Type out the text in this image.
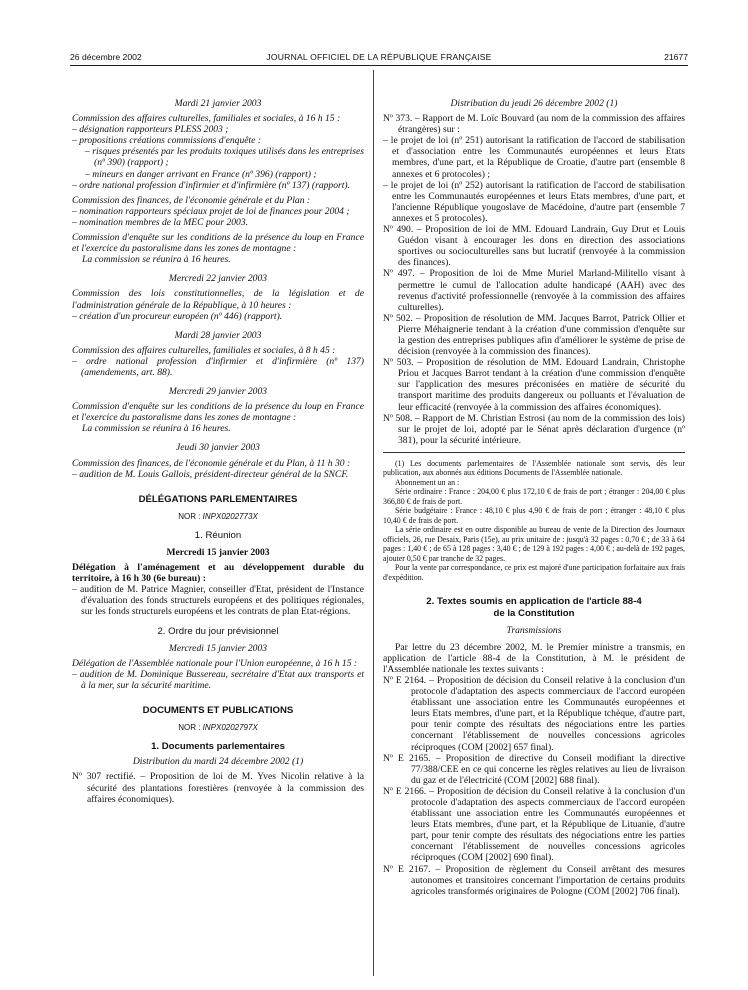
26 décembre 2002	JOURNAL OFFICIEL DE LA RÉPUBLIQUE FRANÇAISE	21677

Mardi 21 janvier 2003

Commission des affaires culturelles, familiales et sociales, à 16 h 15 :

– désignation rapporteurs PLESS 2003 ;

– propositions créations commissions d'enquête :

– risques présentés par les produits toxiques utilisés dans les entreprises (nº 390) (rapport) ;

– mineurs en danger arrivant en France (nº 396) (rapport) ;

– ordre national profession d'infirmier et d'infirmière (nº 137) (rapport).

Commission des finances, de l'économie générale et du Plan :

– nomination rapporteurs spéciaux projet de loi de finances pour 2004 ;

– nomination membres de la MEC pour 2003.

Commission d'enquête sur les conditions de la présence du loup en France et l'exercice du pastoralisme dans les zones de montagne :

La commission se réunira à 16 heures.

Mercredi 22 janvier 2003

Commission des lois constitutionnelles, de la législation et de l'administration générale de la République, à 10 heures :

– création d'un procureur européen (nº 446) (rapport).

Mardi 28 janvier 2003

Commission des affaires culturelles, familiales et sociales, à 8 h 45 :

– ordre national profession d'infirmier et d'infirmière (nº 137) (amendements, art. 88).

Mercredi 29 janvier 2003

Commission d'enquête sur les conditions de la présence du loup en France et l'exercice du pastoralisme dans les zones de montagne :

La commission se réunira à 16 heures.

Jeudi 30 janvier 2003

Commission des finances, de l'économie générale et du Plan, à 11 h 30 :

– audition de M. Louis Gallois, président-directeur général de la SNCF.

DÉLÉGATIONS PARLEMENTAIRES

NOR : INPX0202773X

1. Réunion

Mercredi 15 janvier 2003

Délégation à l'aménagement et au développement durable du territoire, à 16 h 30 (6e bureau) :

– audition de M. Patrice Magnier, conseiller d'Etat, président de l'Instance d'évaluation des fonds structurels européens et des politiques régionales, sur les fonds structurels européens et les contrats de plan Etat-régions.

2. Ordre du jour prévisionnel

Mercredi 15 janvier 2003

Délégation de l'Assemblée nationale pour l'Union européenne, à 16 h 15 :

– audition de M. Dominique Bussereau, secrétaire d'Etat aux transports et à la mer, sur la sécurité maritime.

DOCUMENTS ET PUBLICATIONS

NOR : INPX0202797X

1. Documents parlementaires

Distribution du mardi 24 décembre 2002 (1)

Nº 307 rectifié. – Proposition de loi de M. Yves Nicolin relative à la sécurité des plantations forestières (renvoyée à la commission des affaires économiques).

Distribution du jeudi 26 décembre 2002 (1)

Nº 373. – Rapport de M. Loïc Bouvard (au nom de la commission des affaires étrangères) sur :

– le projet de loi (nº 251) autorisant la ratification de l'accord de stabilisation et d'association entre les Communautés européennes et leurs Etats membres, d'une part, et la République de Croatie, d'autre part (ensemble 8 annexes et 6 protocoles) ;

– le projet de loi (nº 252) autorisant la ratification de l'accord de stabilisation entre les Communautés européennes et leurs Etats membres, d'une part, et l'ancienne République yougoslave de Macédoine, d'autre part (ensemble 7 annexes et 5 protocoles).

Nº 490. – Proposition de loi de MM. Edouard Landrain, Guy Drut et Louis Guédon visant à encourager les dons en direction des associations sportives ou socioculturelles sans but lucratif (renvoyée à la commission des finances).

Nº 497. – Proposition de loi de Mme Muriel Marland-Militello visant à permettre le cumul de l'allocation adulte handicapé (AAH) avec des revenus d'activité professionnelle (renvoyée à la commission des affaires culturelles).

Nº 502. – Proposition de résolution de MM. Jacques Barrot, Patrick Ollier et Pierre Méhaignerie tendant à la création d'une commission d'enquête sur la gestion des entreprises publiques afin d'améliorer le système de prise de décision (renvoyée à la commission des finances).

Nº 503. – Proposition de résolution de MM. Edouard Landrain, Christophe Priou et Jacques Barrot tendant à la création d'une commission d'enquête sur l'application des mesures préconisées en matière de sécurité du transport maritime des produits dangereux ou polluants et l'évaluation de leur efficacité (renvoyée à la commission des affaires économiques).

Nº 508. – Rapport de M. Christian Estrosi (au nom de la commission des lois) sur le projet de loi, adopté par le Sénat après déclaration d'urgence (nº 381), pour la sécurité intérieure.

(1) Les documents parlementaires de l'Assemblée nationale sont servis, dès leur publication, aux abonnés aux éditions Documents de l'Assemblée nationale.

Abonnement un an :

Série ordinaire : France : 204,00 € plus 172,10 € de frais de port ; étranger : 204,00 € plus 366,80 € de frais de port.

Série budgétaire : France : 48,10 € plus 4,90 € de frais de port ; étranger : 48,10 € plus 10,40 € de frais de port.

La série ordinaire est en outre disponible au bureau de vente de la Direction des Journaux officiels, 26, rue Desaix, Paris (15e), au prix unitaire de : jusqu'à 32 pages : 0,70 € ; de 33 à 64 pages : 1,40 € ; de 65 à 128 pages : 3,40 € ; de 129 à 192 pages : 4,00 € ; au-delà de 192 pages, ajouter 0,50 € par tranche de 32 pages.

Pour la vente par correspondance, ce prix est majoré d'une participation forfaitaire aux frais d'expédition.

2. Textes soumis en application de l'article 88-4

de la Constitution

Transmissions

Par lettre du 23 décembre 2002, M. le Premier ministre a transmis, en application de l'article 88-4 de la Constitution, à M. le président de l'Assemblée nationale les textes suivants :

Nº E 2164. – Proposition de décision du Conseil relative à la conclusion d'un protocole d'adaptation des aspects commerciaux de l'accord européen établissant une association entre les Communautés européennes et leurs Etats membres, d'une part, et la République tchèque, d'autre part, pour tenir compte des résultats des négociations entre les parties concernant l'établissement de nouvelles concessions agricoles réciproques (COM [2002] 657 final).

Nº E 2165. – Proposition de directive du Conseil modifiant la directive 77/388/CEE en ce qui concerne les règles relatives au lieu de livraison du gaz et de l'électricité (COM [2002] 688 final).

Nº E 2166. – Proposition de décision du Conseil relative à la conclusion d'un protocole d'adaptation des aspects commerciaux de l'accord européen établissant une association entre les Communautés européennes et leurs Etats membres, d'une part, et la République de Lituanie, d'autre part, pour tenir compte des résultats des négociations entre les parties concernant l'établissement de nouvelles concessions agricoles réciproques (COM [2002] 690 final).

Nº E 2167. – Proposition de règlement du Conseil arrêtant des mesures autonomes et transitoires concernant l'importation de certains produits agricoles transformés originaires de Pologne (COM [2002] 706 final).
